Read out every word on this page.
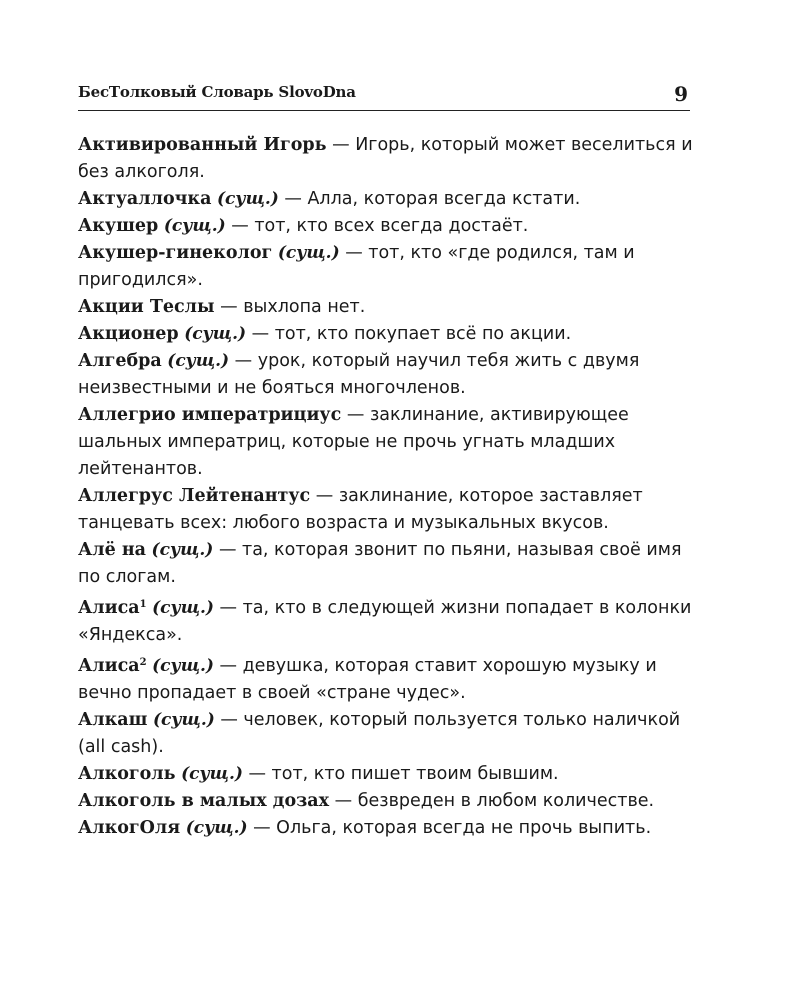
БесТолковый Словарь SlovoDna	9

Активированный Игорь — Игорь, который может веселиться и без алкоголя.

Актуаллочка (сущ.) — Алла, которая всегда кстати.

Акушер (сущ.) — тот, кто всех всегда достаёт.

Акушер-гинеколог (сущ.) — тот, кто «где родился, там и пригодился».

Акции Теслы — выхлопа нет.

Акционер (сущ.) — тот, кто покупает всё по акции.

Алгебра (сущ.) — урок, который научил тебя жить с двумя неизвестными и не бояться многочленов.

Аллегрио императрициус — заклинание, активирующее шальных императриц, которые не прочь угнать младших лейтенантов.

Аллегрус Лейтенантус — заклинание, которое заставляет танцевать всех: любого возраста и музыкальных вкусов.

Алё на (сущ.) — та, которая звонит по пьяни, называя своё имя по слогам.

Алиса$^1$ (сущ.) — та, кто в следующей жизни попадает в колонки «Яндекса».

Алиса$^2$ (сущ.) — девушка, которая ставит хорошую музыку и вечно пропадает в своей «стране чудес».

Алкаш (сущ.) — человек, который пользуется только наличкой (all cash).

Алкоголь (сущ.) — тот, кто пишет твоим бывшим.

Алкоголь в малых дозах — безвреден в любом количестве.

АлкогОля (сущ.) — Ольга, которая всегда не прочь выпить.
